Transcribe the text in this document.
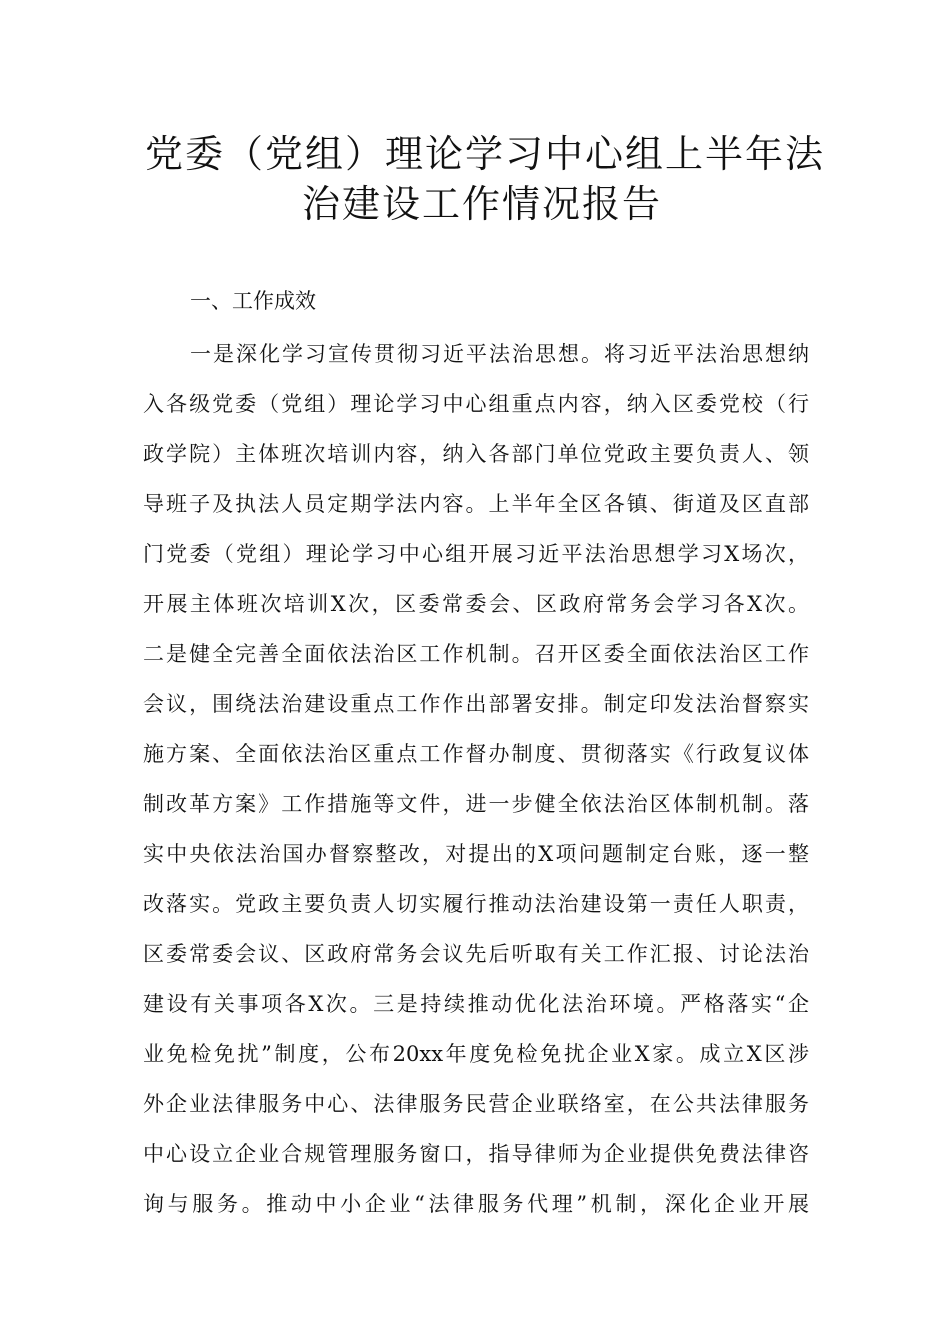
党委（党组）理论学习中心组上半年法
治建设工作情况报告
一、工作成效
一是深化学习宣传贯彻习近平法治思想。将习近平法治思想纳
入各级党委（党组）理论学习中心组重点内容，纳入区委党校（行
政学院）主体班次培训内容，纳入各部门单位党政主要负责人、领
导班子及执法人员定期学法内容。上半年全区各镇、街道及区直部
门党委（党组）理论学习中心组开展习近平法治思想学习X场次，
开展主体班次培训X次，区委常委会、区政府常务会学习各X次。
二是健全完善全面依法治区工作机制。召开区委全面依法治区工作
会议，围绕法治建设重点工作作出部署安排。制定印发法治督察实
施方案、全面依法治区重点工作督办制度、贯彻落实《行政复议体
制改革方案》工作措施等文件，进一步健全依法治区体制机制。落
实中央依法治国办督察整改，对提出的X项问题制定台账，逐一整
改落实。党政主要负责人切实履行推动法治建设第一责任人职责，
区委常委会议、区政府常务会议先后听取有关工作汇报、讨论法治
建设有关事项各X次。三是持续推动优化法治环境。严格落实“企
业免检免扰”制度，公布20xx年度免检免扰企业X家。成立X区涉
外企业法律服务中心、法律服务民营企业联络室，在公共法律服务
中心设立企业合规管理服务窗口，指导律师为企业提供免费法律咨
询与服务。推动中小企业“法律服务代理”机制，深化企业开展
